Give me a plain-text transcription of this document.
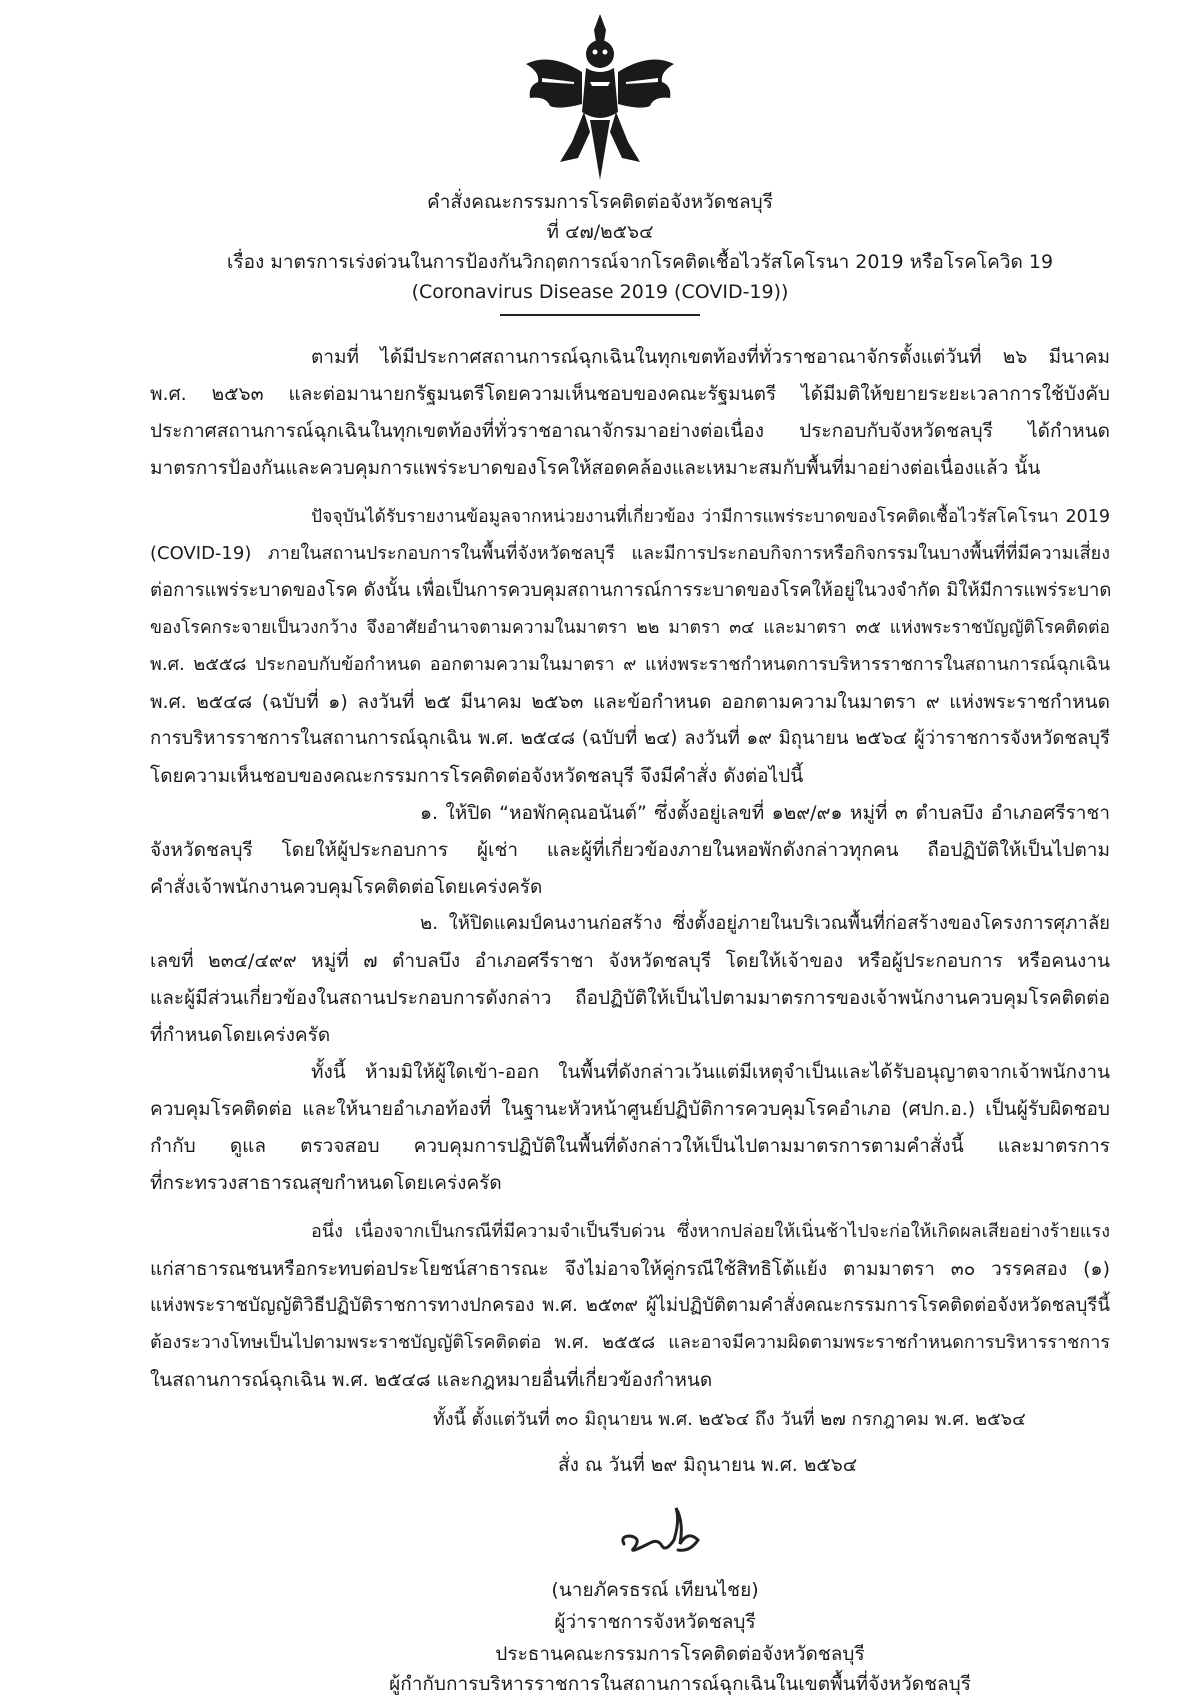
คำสั่งคณะกรรมการโรคติดต่อจังหวัดชลบุรี
ที่ ๔๗/๒๕๖๔
เรื่อง มาตรการเร่งด่วนในการป้องกันวิกฤตการณ์จากโรคติดเชื้อไวรัสโคโรนา 2019 หรือโรคโควิด 19
(Coronavirus Disease 2019 (COVID-19))
ตามที่ ได้มีประกาศสถานการณ์ฉุกเฉินในทุกเขตท้องที่ทั่วราชอาณาจักรตั้งแต่วันที่ ๒๖ มีนาคม
พ.ศ. ๒๕๖๓ และต่อมานายกรัฐมนตรีโดยความเห็นชอบของคณะรัฐมนตรี ได้มีมติให้ขยายระยะเวลาการใช้บังคับ
ประกาศสถานการณ์ฉุกเฉินในทุกเขตท้องที่ทั่วราชอาณาจักรมาอย่างต่อเนื่อง ประกอบกับจังหวัดชลบุรี ได้กำหนด
มาตรการป้องกันและควบคุมการแพร่ระบาดของโรคให้สอดคล้องและเหมาะสมกับพื้นที่มาอย่างต่อเนื่องแล้ว นั้น
ปัจจุบันได้รับรายงานข้อมูลจากหน่วยงานที่เกี่ยวข้อง ว่ามีการแพร่ระบาดของโรคติดเชื้อไวรัสโคโรนา 2019
(COVID-19) ภายในสถานประกอบการในพื้นที่จังหวัดชลบุรี และมีการประกอบกิจการหรือกิจกรรมในบางพื้นที่ที่มีความเสี่ยง
ต่อการแพร่ระบาดของโรค ดังนั้น เพื่อเป็นการควบคุมสถานการณ์การระบาดของโรคให้อยู่ในวงจำกัด มิให้มีการแพร่ระบาด
ของโรคกระจายเป็นวงกว้าง จึงอาศัยอำนาจตามความในมาตรา ๒๒ มาตรา ๓๔ และมาตรา ๓๕ แห่งพระราชบัญญัติโรคติดต่อ
พ.ศ. ๒๕๕๘ ประกอบกับข้อกำหนด ออกตามความในมาตรา ๙ แห่งพระราชกำหนดการบริหารราชการในสถานการณ์ฉุกเฉิน
พ.ศ. ๒๕๔๘ (ฉบับที่ ๑) ลงวันที่ ๒๕ มีนาคม ๒๕๖๓ และข้อกำหนด ออกตามความในมาตรา ๙ แห่งพระราชกำหนด
การบริหารราชการในสถานการณ์ฉุกเฉิน พ.ศ. ๒๕๔๘ (ฉบับที่ ๒๔) ลงวันที่ ๑๙ มิถุนายน ๒๕๖๔ ผู้ว่าราชการจังหวัดชลบุรี
โดยความเห็นชอบของคณะกรรมการโรคติดต่อจังหวัดชลบุรี จึงมีคำสั่ง ดังต่อไปนี้
๑. ให้ปิด “หอพักคุณอนันต์” ซึ่งตั้งอยู่เลขที่ ๑๒๙/๙๑ หมู่ที่ ๓ ตำบลบึง อำเภอศรีราชา
จังหวัดชลบุรี โดยให้ผู้ประกอบการ ผู้เช่า และผู้ที่เกี่ยวข้องภายในหอพักดังกล่าวทุกคน ถือปฏิบัติให้เป็นไปตาม
คำสั่งเจ้าพนักงานควบคุมโรคติดต่อโดยเคร่งครัด
๒. ให้ปิดแคมป์คนงานก่อสร้าง ซึ่งตั้งอยู่ภายในบริเวณพื้นที่ก่อสร้างของโครงการศุภาลัย
เลขที่ ๒๓๔/๔๙๙ หมู่ที่ ๗ ตำบลบึง อำเภอศรีราชา จังหวัดชลบุรี โดยให้เจ้าของ หรือผู้ประกอบการ หรือคนงาน
และผู้มีส่วนเกี่ยวข้องในสถานประกอบการดังกล่าว ถือปฏิบัติให้เป็นไปตามมาตรการของเจ้าพนักงานควบคุมโรคติดต่อ
ที่กำหนดโดยเคร่งครัด
ทั้งนี้ ห้ามมิให้ผู้ใดเข้า-ออก ในพื้นที่ดังกล่าวเว้นแต่มีเหตุจำเป็นและได้รับอนุญาตจากเจ้าพนักงาน
ควบคุมโรคติดต่อ และให้นายอำเภอท้องที่ ในฐานะหัวหน้าศูนย์ปฏิบัติการควบคุมโรคอำเภอ (ศปก.อ.) เป็นผู้รับผิดชอบ
กำกับ ดูแล ตรวจสอบ ควบคุมการปฏิบัติในพื้นที่ดังกล่าวให้เป็นไปตามมาตรการตามคำสั่งนี้ และมาตรการ
ที่กระทรวงสาธารณสุขกำหนดโดยเคร่งครัด
อนึ่ง เนื่องจากเป็นกรณีที่มีความจำเป็นรีบด่วน ซึ่งหากปล่อยให้เนิ่นช้าไปจะก่อให้เกิดผลเสียอย่างร้ายแรง
แก่สาธารณชนหรือกระทบต่อประโยชน์สาธารณะ จึงไม่อาจให้คู่กรณีใช้สิทธิโต้แย้ง ตามมาตรา ๓๐ วรรคสอง (๑)
แห่งพระราชบัญญัติวิธีปฏิบัติราชการทางปกครอง พ.ศ. ๒๕๓๙ ผู้ไม่ปฏิบัติตามคำสั่งคณะกรรมการโรคติดต่อจังหวัดชลบุรีนี้
ต้องระวางโทษเป็นไปตามพระราชบัญญัติโรคติดต่อ พ.ศ. ๒๕๕๘ และอาจมีความผิดตามพระราชกำหนดการบริหารราชการ
ในสถานการณ์ฉุกเฉิน พ.ศ. ๒๕๔๘ และกฎหมายอื่นที่เกี่ยวข้องกำหนด
ทั้งนี้ ตั้งแต่วันที่ ๓๐ มิถุนายน พ.ศ. ๒๕๖๔ ถึง วันที่ ๒๗ กรกฎาคม พ.ศ. ๒๕๖๔
สั่ง ณ วันที่ ๒๙ มิถุนายน พ.ศ. ๒๕๖๔
(นายภัครธรณ์ เทียนไชย)
ผู้ว่าราชการจังหวัดชลบุรี
ประธานคณะกรรมการโรคติดต่อจังหวัดชลบุรี
ผู้กำกับการบริหารราชการในสถานการณ์ฉุกเฉินในเขตพื้นที่จังหวัดชลบุรี
